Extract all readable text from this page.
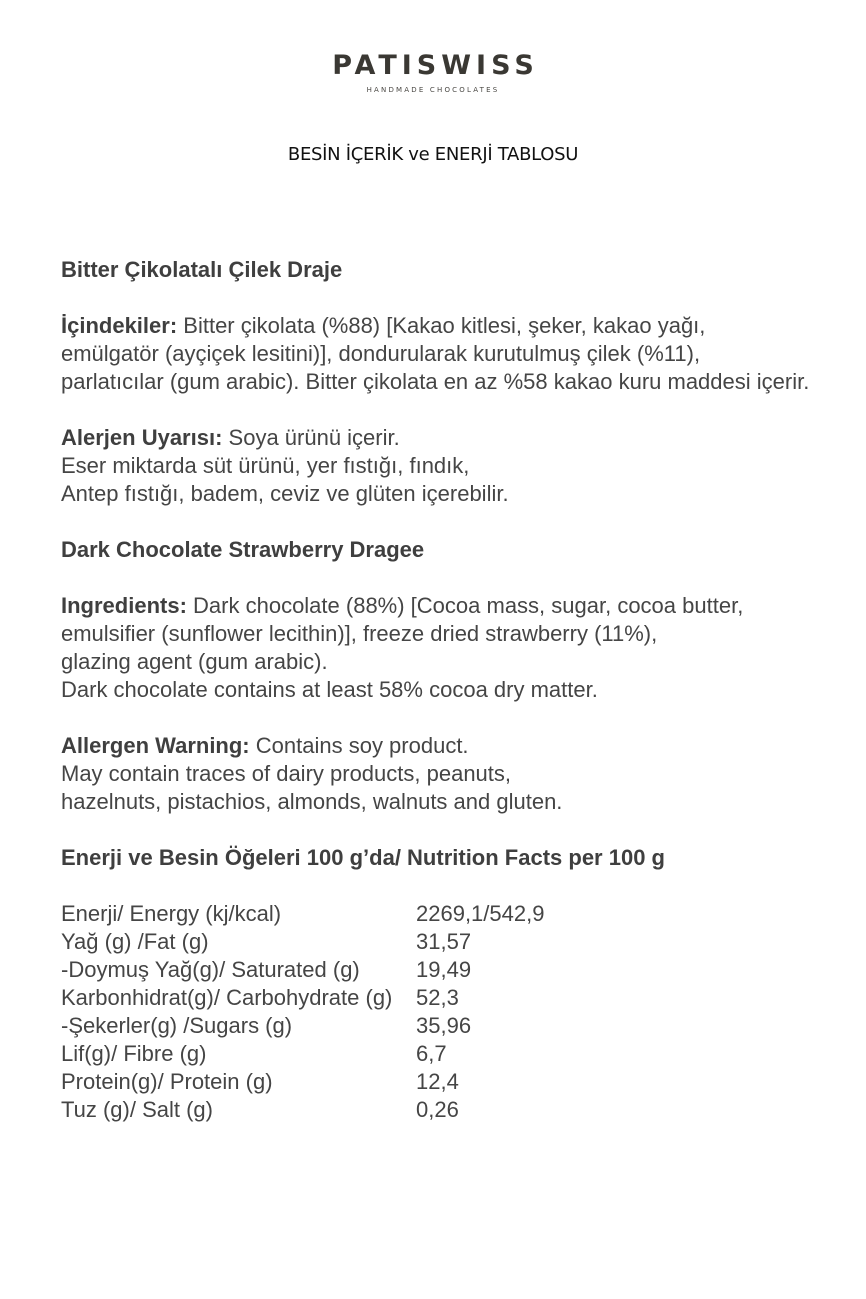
PATISWISS
HANDMADE CHOCOLATES
BESİN İÇERİK ve ENERJİ TABLOSU

Bitter Çikolatalı Çilek Draje

İçindekiler: Bitter çikolata (%88) [Kakao kitlesi, şeker, kakao yağı,

emülgatör (ayçiçek lesitini)], dondurularak kurutulmuş çilek (%11),

parlatıcılar (gum arabic). Bitter çikolata en az %58 kakao kuru maddesi içerir.

Alerjen Uyarısı: Soya ürünü içerir.

Eser miktarda süt ürünü, yer fıstığı, fındık,

Antep fıstığı, badem, ceviz ve glüten içerebilir.

Dark Chocolate Strawberry Dragee

Ingredients: Dark chocolate (88%) [Cocoa mass, sugar, cocoa butter,

emulsifier (sunflower lecithin)], freeze dried strawberry (11%),

glazing agent (gum arabic).

Dark chocolate contains at least 58% cocoa dry matter.

Allergen Warning: Contains soy product.

May contain traces of dairy products, peanuts,

hazelnuts, pistachios, almonds, walnuts and gluten.

Enerji ve Besin Öğeleri 100 g’da/ Nutrition Facts per 100 g

Enerji/ Energy (kj/kcal)	2269,1/542,9
Yağ (g) /Fat (g)	31,57
-Doymuş Yağ(g)/ Saturated (g)	19,49
Karbonhidrat(g)/ Carbohydrate (g)	52,3
-Şekerler(g) /Sugars (g)	35,96
Lif(g)/ Fibre (g)	6,7
Protein(g)/ Protein (g)	12,4
Tuz (g)/ Salt (g)	0,26
